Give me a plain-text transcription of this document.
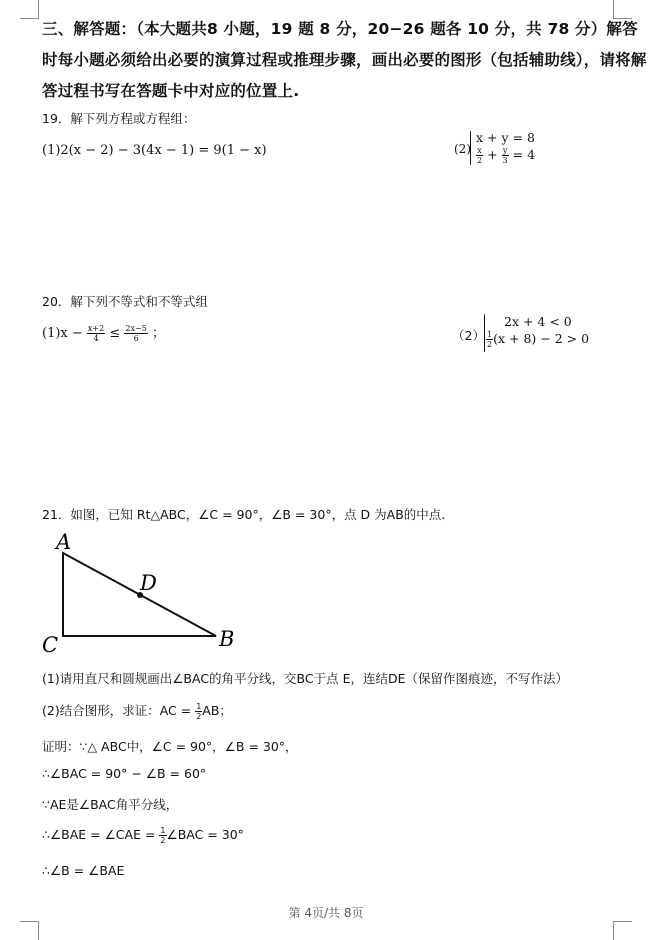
三、解答题：（本大题共8 小题，19 题 8 分，20−26 题各 10 分，共 78 分）解答时每小题必须给出必要的演算过程或推理步骤，画出必要的图形（包括辅助线），请将解答过程书写在答题卡中对应的位置上.
19．解下列方程或方程组：
(1)2(x − 2) − 3(4x − 1) = 9(1 − x)	(2)
x + y = 8
$\frac{x}{2} + \frac{y}{3} = 4$
20．解下列不等式和不等式组
$(1)x - \frac{x+2}{4} \le \frac{2x-5}{6}$ ；	（2）
2x + 4 < 0
$\frac{1}{2} (x + 8) - 2 > 0$
21．如图，已知 Rt△ABC，∠C = 90°，∠B = 30°，点 D 为AB的中点.
A
B
C
D
(1)请用直尺和圆规画出∠BAC的角平分线，交BC于点 E，连结DE（保留作图痕迹，不写作法）
(2)结合图形，求证：AC = $\frac{1}{2}$ AB；
证明：∵△ ABC中，∠C = 90°，∠B = 30°，
∴∠BAC = 90° − ∠B = 60°
∵AE是∠BAC角平分线，
∴∠BAE = ∠CAE = $\frac{1}{2}$ ∠BAC = 30°
∴∠B = ∠BAE
第 4页/共 8页
